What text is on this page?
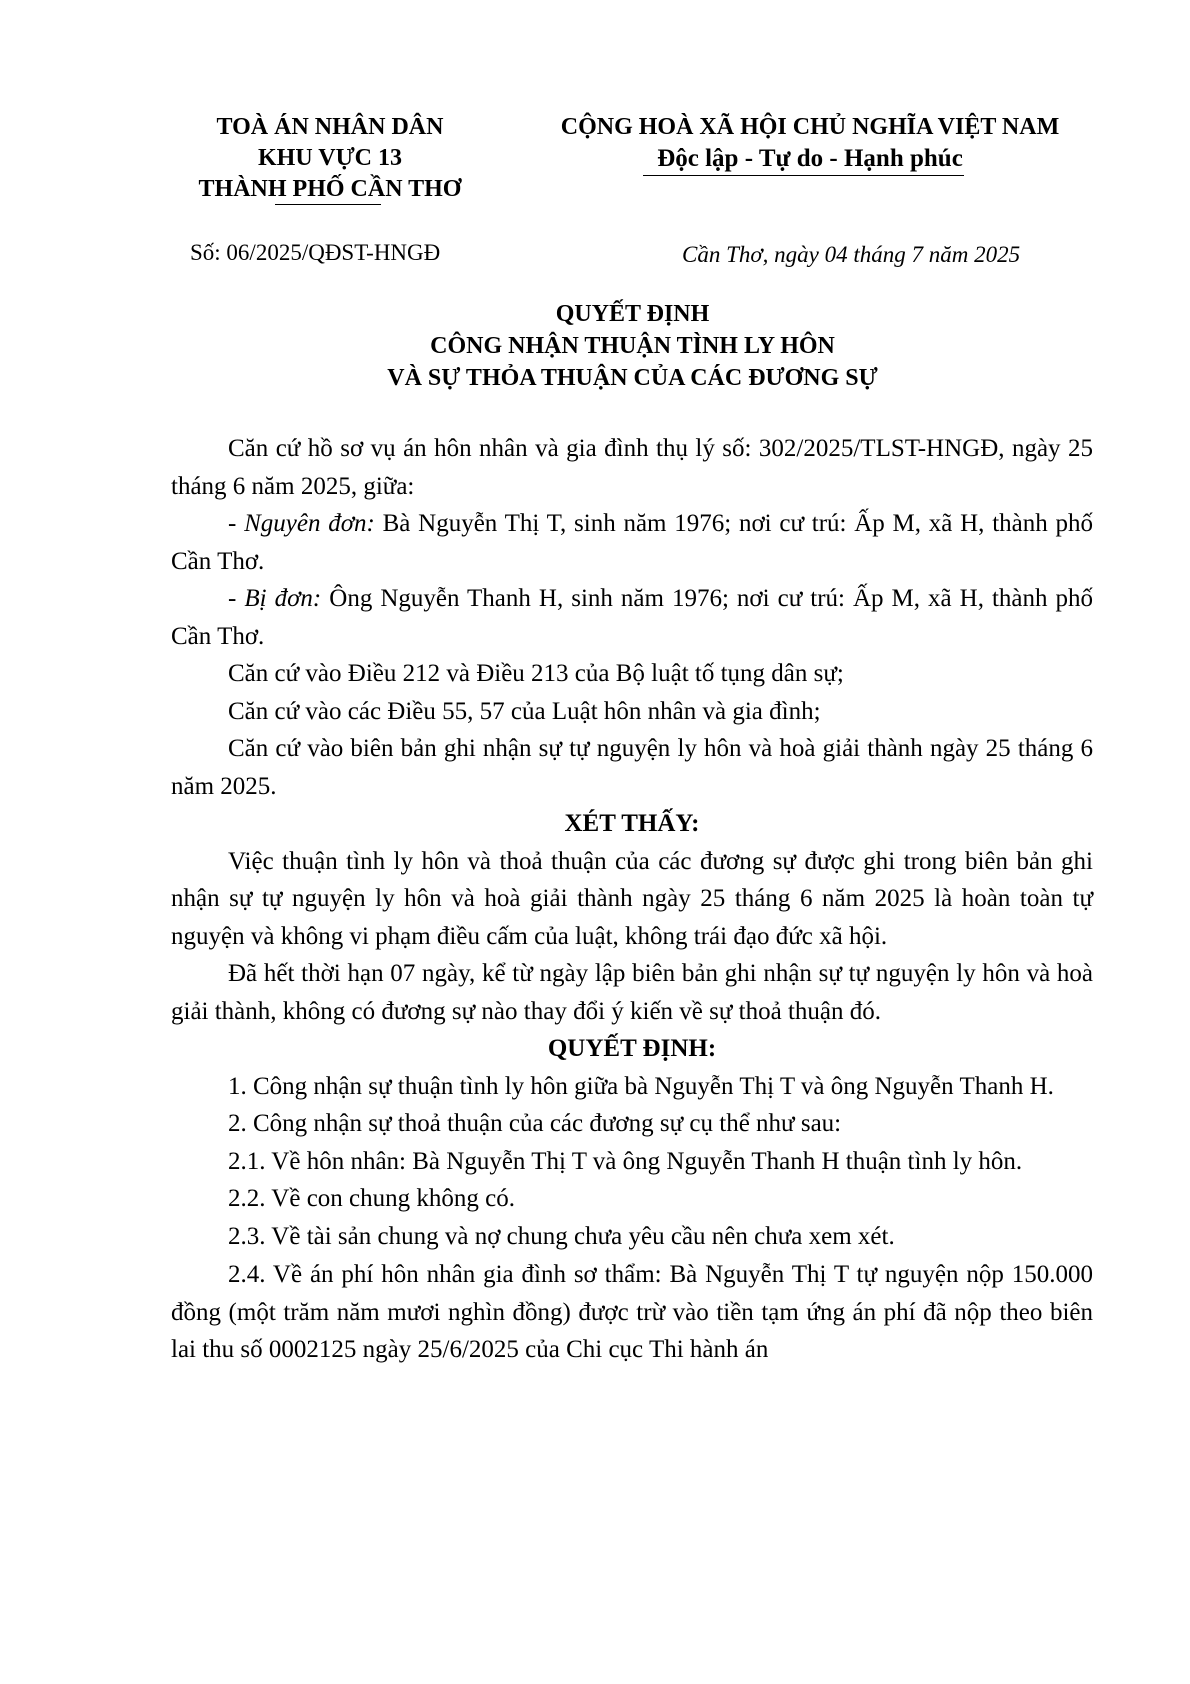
TOÀ ÁN NHÂN DÂN
KHU VỰC 13
THÀNH PHỐ CẦN THƠ
CỘNG HOÀ XÃ HỘI CHỦ NGHĨA VIỆT NAM
Độc lập - Tự do - Hạnh phúc
Số: 06/2025/QĐST-HNGĐ	Cần Thơ, ngày 04 tháng 7 năm 2025
QUYẾT ĐỊNH
CÔNG NHẬN THUẬN TÌNH LY HÔN
VÀ SỰ THỎA THUẬN CỦA CÁC ĐƯƠNG SỰ

Căn cứ hồ sơ vụ án hôn nhân và gia đình thụ lý số: 302/2025/TLST-HNGĐ, ngày 25 tháng 6 năm 2025, giữa:

- Nguyên đơn: Bà Nguyễn Thị T, sinh năm 1976; nơi cư trú: Ấp M, xã H, thành phố Cần Thơ.

- Bị đơn: Ông Nguyễn Thanh H, sinh năm 1976; nơi cư trú: Ấp M, xã H, thành phố Cần Thơ.

Căn cứ vào Điều 212 và Điều 213 của Bộ luật tố tụng dân sự;

Căn cứ vào các Điều 55, 57 của Luật hôn nhân và gia đình;

Căn cứ vào biên bản ghi nhận sự tự nguyện ly hôn và hoà giải thành ngày 25 tháng 6 năm 2025.

XÉT THẤY:

Việc thuận tình ly hôn và thoả thuận của các đương sự được ghi trong biên bản ghi nhận sự tự nguyện ly hôn và hoà giải thành ngày 25 tháng 6 năm 2025 là hoàn toàn tự nguyện và không vi phạm điều cấm của luật, không trái đạo đức xã hội.

Đã hết thời hạn 07 ngày, kể từ ngày lập biên bản ghi nhận sự tự nguyện ly hôn và hoà giải thành, không có đương sự nào thay đổi ý kiến về sự thoả thuận đó.

QUYẾT ĐỊNH:

1. Công nhận sự thuận tình ly hôn giữa bà Nguyễn Thị T và ông Nguyễn Thanh H.

2. Công nhận sự thoả thuận của các đương sự cụ thể như sau:

2.1. Về hôn nhân: Bà Nguyễn Thị T và ông Nguyễn Thanh H thuận tình ly hôn.

2.2. Về con chung không có.

2.3. Về tài sản chung và nợ chung chưa yêu cầu nên chưa xem xét.

2.4. Về án phí hôn nhân gia đình sơ thẩm: Bà Nguyễn Thị T tự nguyện nộp 150.000 đồng (một trăm năm mươi nghìn đồng) được trừ vào tiền tạm ứng án phí đã nộp theo biên lai thu số 0002125 ngày 25/6/2025 của Chi cục Thi hành án
